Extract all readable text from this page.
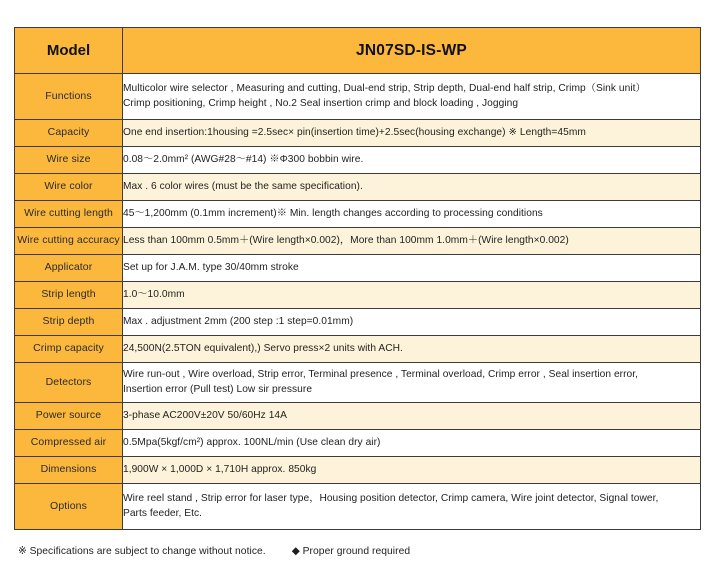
Model	JN07SD-IS-WP
Functions	Multicolor wire selector , Measuring and cutting, Dual-end strip, Strip depth, Dual-end half strip, Crimp（Sink unit）
Crimp positioning, Crimp height , No.2 Seal insertion crimp and block loading , Jogging

Capacity	One end insertion:1housing =2.5sec× pin(insertion time)+2.5sec(housing exchange) ※ Length=45mm
Wire size	0.08～2.0mm² (AWG#28～#14) ※Φ300 bobbin wire.
Wire color	Max . 6 color wires (must be the same specification).
Wire cutting length	45～1,200mm (0.1mm increment)※ Min. length changes according to processing conditions
Wire cutting accuracy	Less than 100mm 0.5mm＋(Wire length×0.002)，More than 100mm 1.0mm＋(Wire length×0.002)
Applicator	Set up for J.A.M. type 30/40mm stroke
Strip length	1.0～10.0mm
Strip depth	Max . adjustment 2mm (200 step :1 step=0.01mm)
Crimp capacity	24,500N(2.5TON equivalent),) Servo press×2 units with ACH.
Detectors	Wire run-out , Wire overload, Strip error, Terminal presence , Terminal overload, Crimp error , Seal insertion error,
Insertion error (Pull test) Low sir pressure

Power source	3-phase AC200V±20V 50/60Hz 14A
Compressed air	0.5Mpa(5kgf/cm²) approx. 100NL/min (Use clean dry air)
Dimensions	1,900W × 1,000D × 1,710H approx. 850kg
Options	Wire reel stand , Strip error for laser type，Housing position detector, Crimp camera, Wire joint detector, Signal tower,
Parts feeder, Etc.
※ Specifications are subject to change without notice.	◆ Proper ground required
